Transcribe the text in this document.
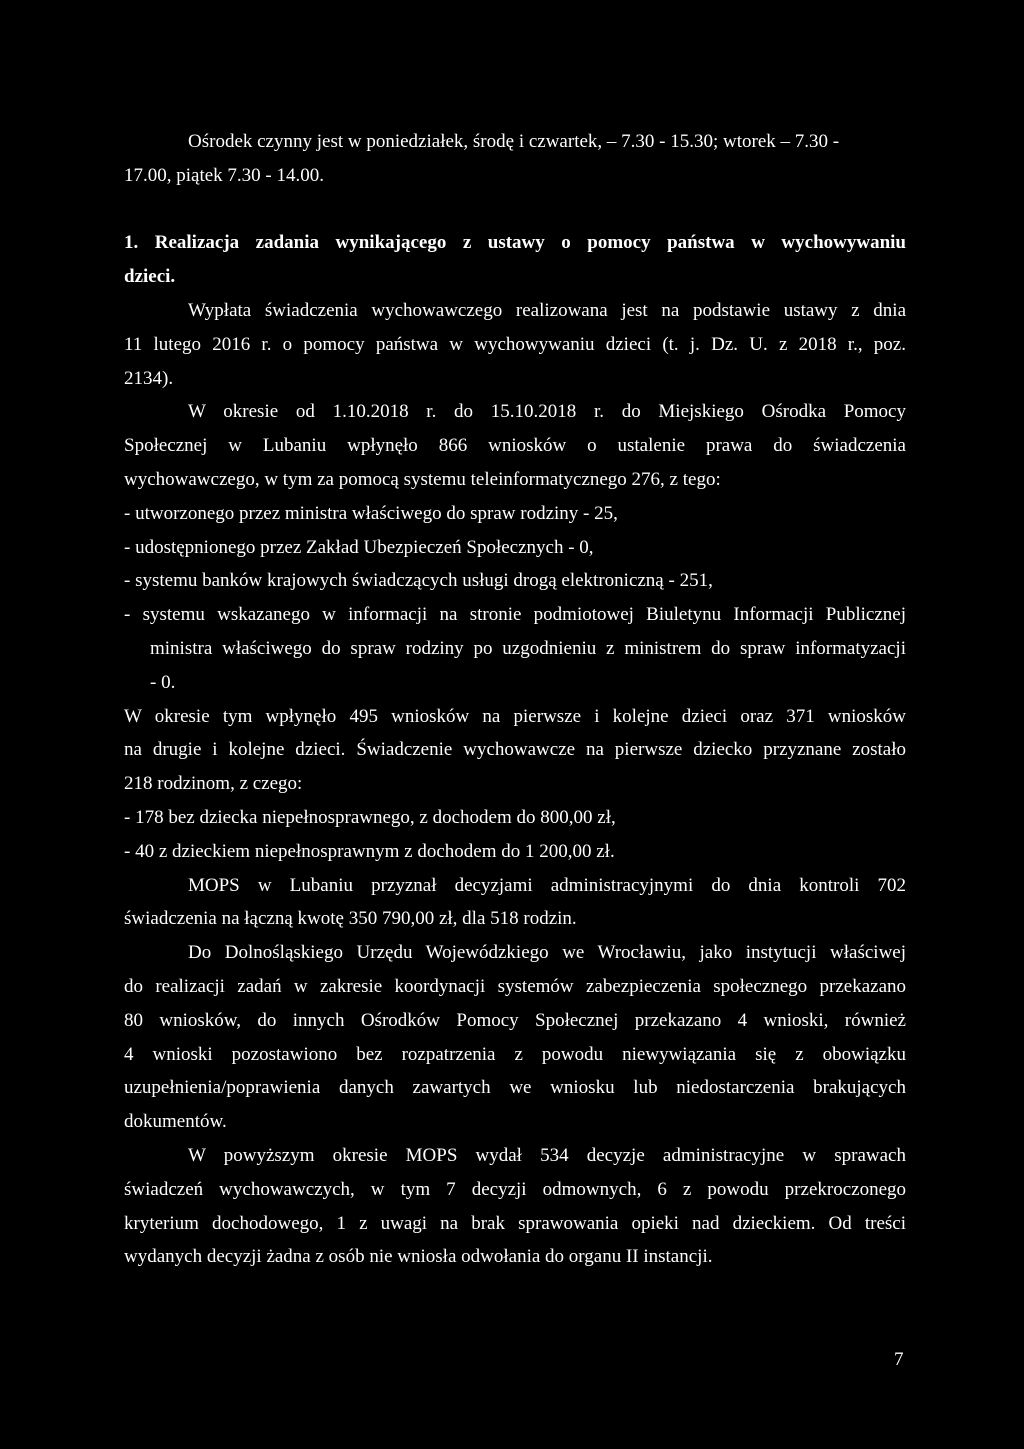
Ośrodek czynny jest w poniedziałek, środę i czwartek, – 7.30 - 15.30; wtorek – 7.30 -
17.00, piątek 7.30 - 14.00.
1. Realizacja zadania wynikającego z ustawy o pomocy państwa w wychowywaniu
dzieci.
Wypłata świadczenia wychowawczego realizowana jest na podstawie ustawy z dnia
11 lutego 2016 r. o pomocy państwa w wychowywaniu dzieci (t. j. Dz. U. z 2018 r., poz.
2134).
W okresie od 1.10.2018 r. do 15.10.2018 r. do Miejskiego Ośrodka Pomocy
Społecznej w Lubaniu wpłynęło 866 wniosków o ustalenie prawa do świadczenia
wychowawczego, w tym za pomocą systemu teleinformatycznego 276, z tego:
- utworzonego przez ministra właściwego do spraw rodziny - 25,
- udostępnionego przez Zakład Ubezpieczeń Społecznych - 0,
- systemu banków krajowych świadczących usługi drogą elektroniczną - 251,
- systemu wskazanego w informacji na stronie podmiotowej Biuletynu Informacji Publicznej
ministra właściwego do spraw rodziny po uzgodnieniu z ministrem do spraw informatyzacji
- 0.
W okresie tym wpłynęło 495 wniosków na pierwsze i kolejne dzieci oraz 371 wniosków
na drugie i kolejne dzieci. Świadczenie wychowawcze na pierwsze dziecko przyznane zostało
218 rodzinom, z czego:
- 178 bez dziecka niepełnosprawnego, z dochodem do 800,00 zł,
- 40 z dzieckiem niepełnosprawnym z dochodem do 1 200,00 zł.
MOPS w Lubaniu przyznał decyzjami administracyjnymi do dnia kontroli 702
świadczenia na łączną kwotę 350 790,00 zł, dla 518 rodzin.
Do Dolnośląskiego Urzędu Wojewódzkiego we Wrocławiu, jako instytucji właściwej
do realizacji zadań w zakresie koordynacji systemów zabezpieczenia społecznego przekazano
80 wniosków, do innych Ośrodków Pomocy Społecznej przekazano 4 wnioski, również
4 wnioski pozostawiono bez rozpatrzenia z powodu niewywiązania się z obowiązku
uzupełnienia/poprawienia danych zawartych we wniosku lub niedostarczenia brakujących
dokumentów.
W powyższym okresie MOPS wydał 534 decyzje administracyjne w sprawach
świadczeń wychowawczych, w tym 7 decyzji odmownych, 6 z powodu przekroczonego
kryterium dochodowego, 1 z uwagi na brak sprawowania opieki nad dzieckiem. Od treści
wydanych decyzji żadna z osób nie wniosła odwołania do organu II instancji.
7
